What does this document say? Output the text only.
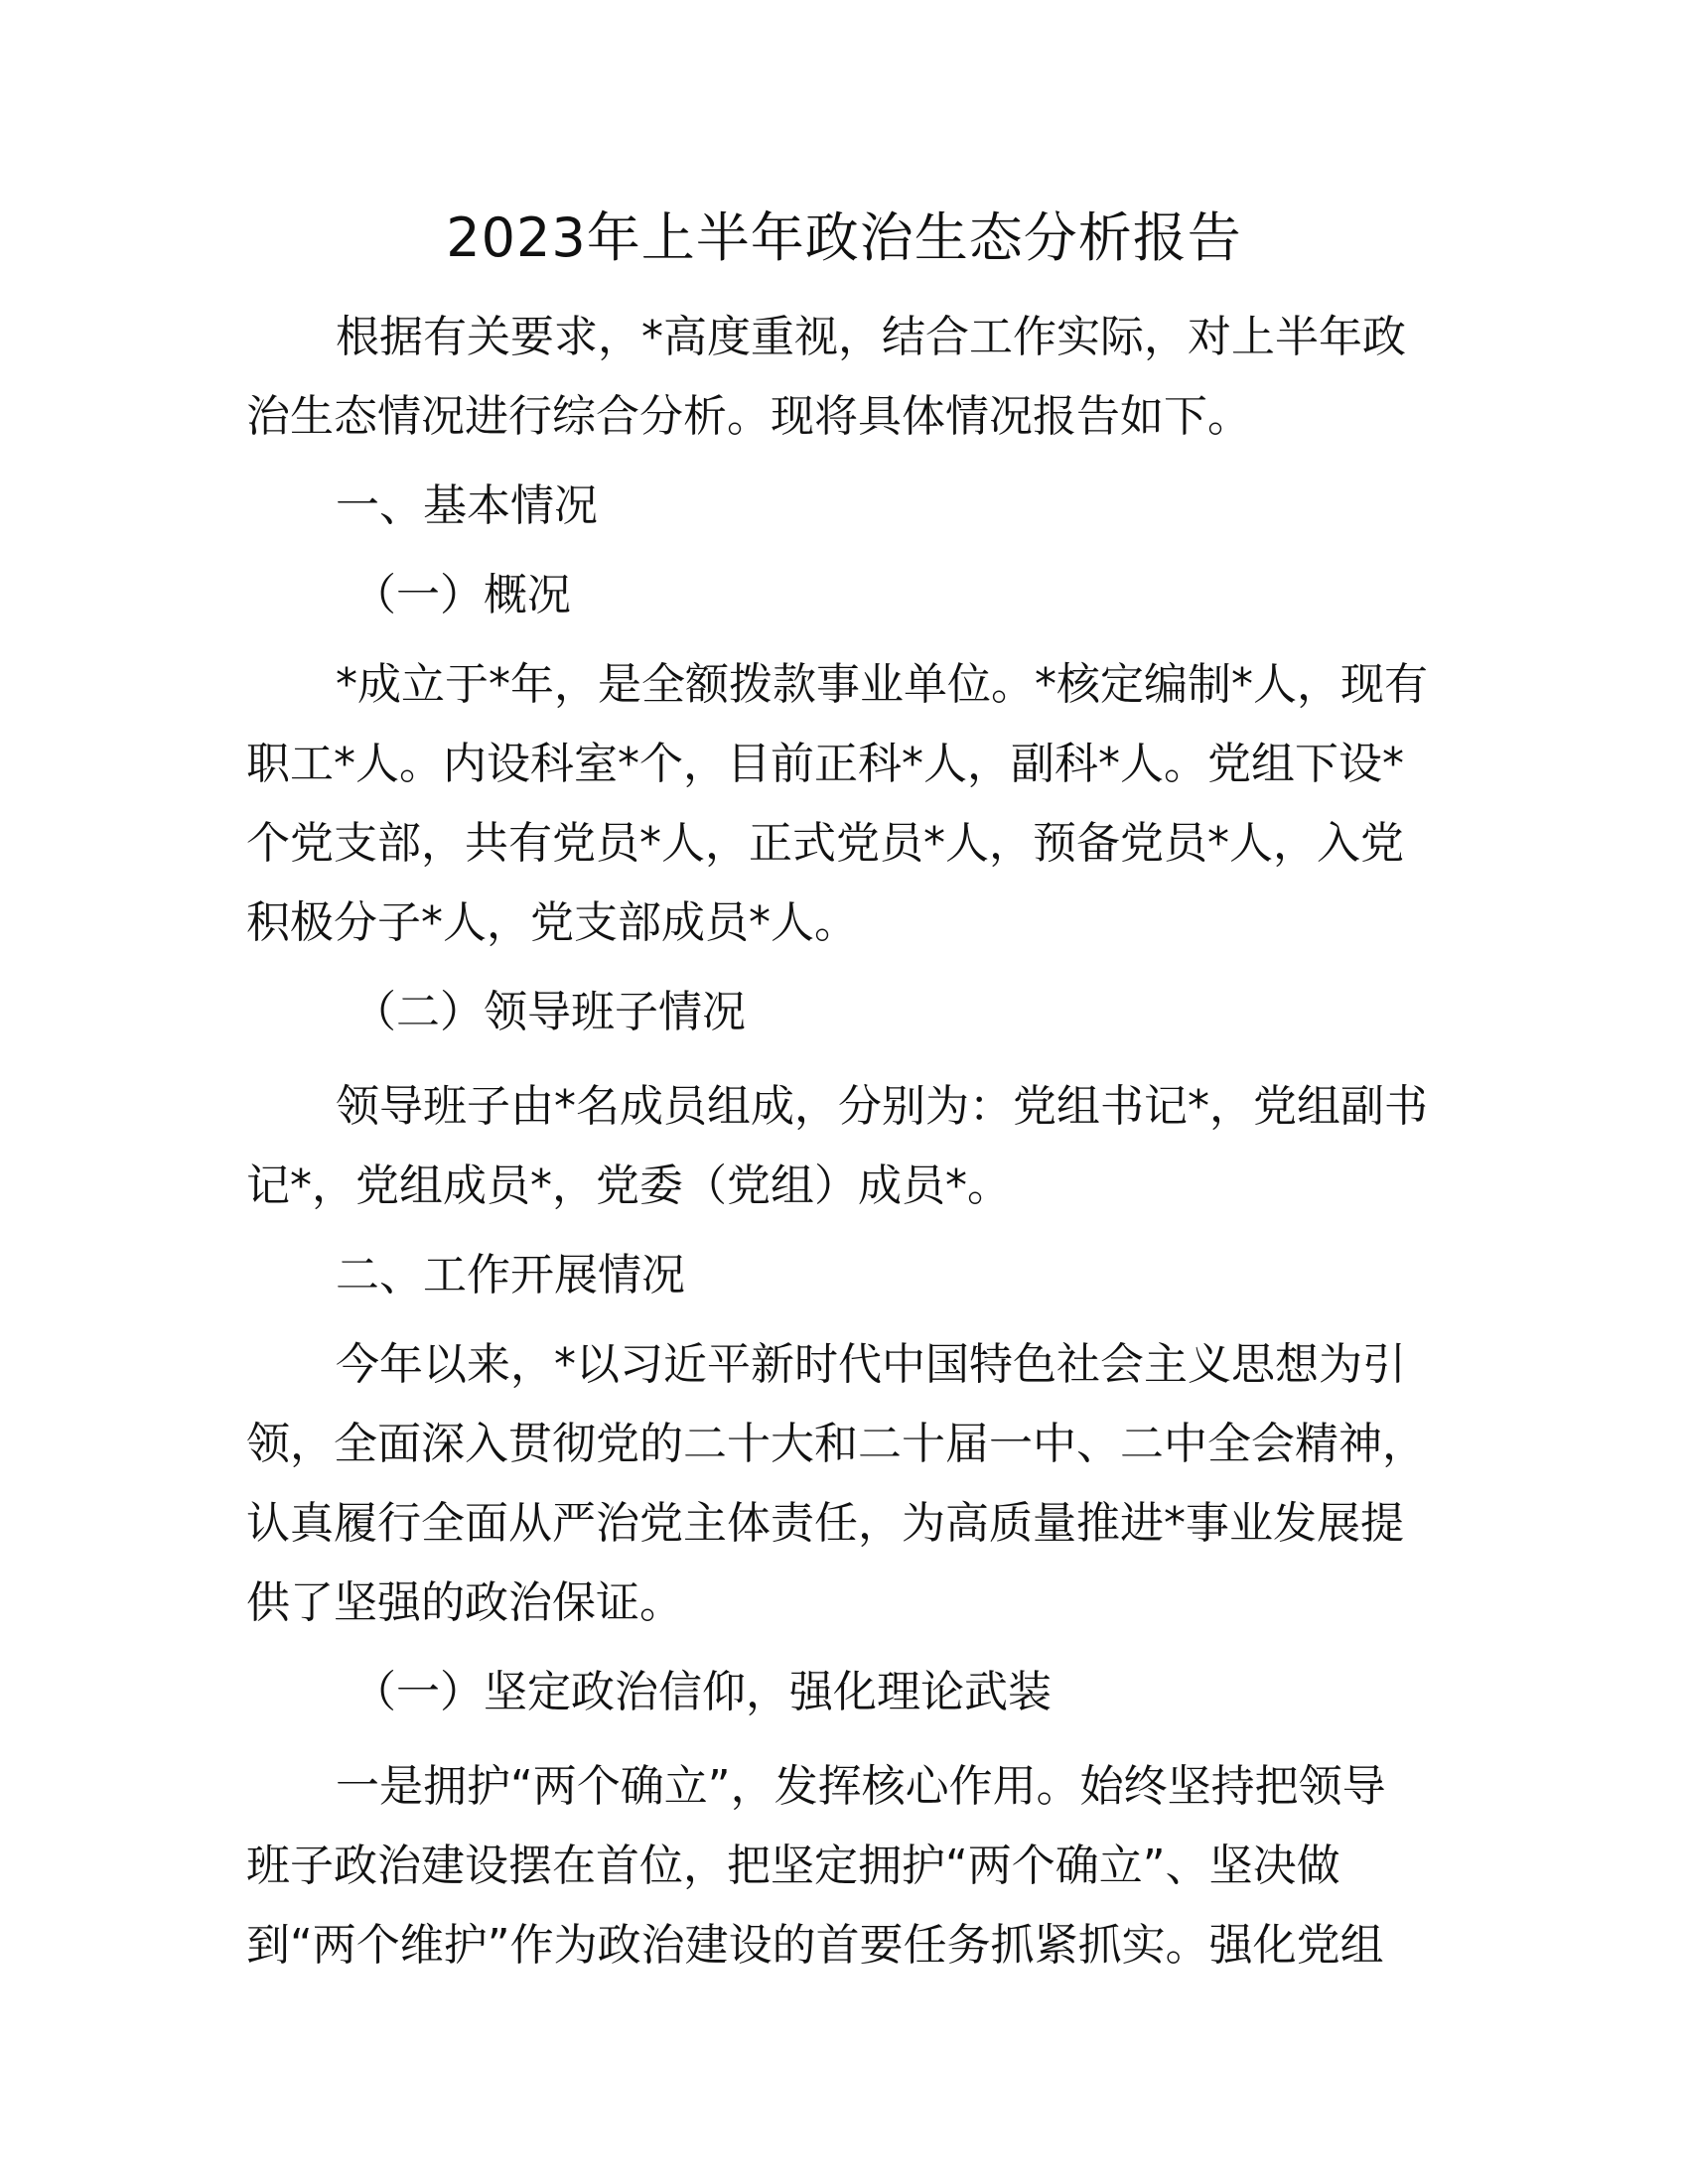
2023年上半年政治生态分析报告
根据有关要求，*高度重视，结合工作实际，对上半年政
治生态情况进行综合分析。现将具体情况报告如下。
一、基本情况
（一）概况
*成立于*年，是全额拨款事业单位。*核定编制*人，现有
职工*人。内设科室*个，目前正科*人，副科*人。党组下设*
个党支部，共有党员*人，正式党员*人，预备党员*人，入党
积极分子*人，党支部成员*人。
（二）领导班子情况
领导班子由*名成员组成，分别为：党组书记*，党组副书
记*，党组成员*，党委（党组）成员*。
二、工作开展情况
今年以来，*以习近平新时代中国特色社会主义思想为引
领，全面深入贯彻党的二十大和二十届一中、二中全会精神，
认真履行全面从严治党主体责任，为高质量推进*事业发展提
供了坚强的政治保证。
（一）坚定政治信仰，强化理论武装
一是拥护“两个确立”，发挥核心作用。始终坚持把领导
班子政治建设摆在首位，把坚定拥护“两个确立”、坚决做
到“两个维护”作为政治建设的首要任务抓紧抓实。强化党组
